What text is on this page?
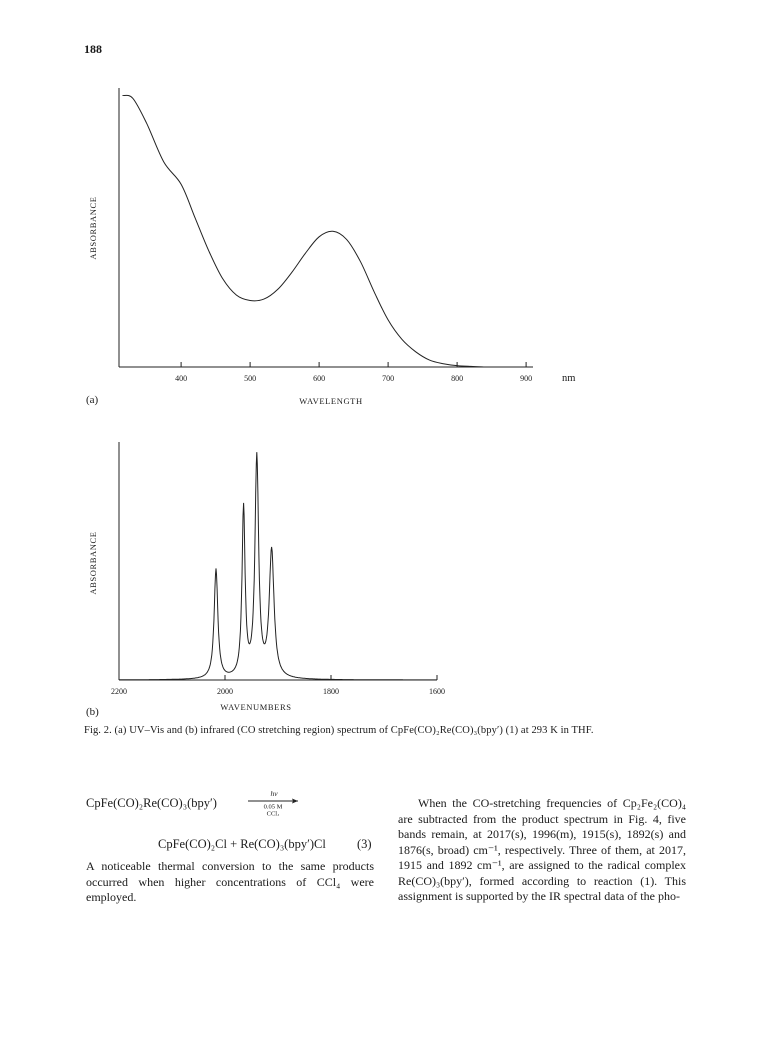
188
ABSORBANCE
400	500	600	700	800	900	nm
(a)	WAVELENGTH
ABSORBANCE
2200	2000	1800	1600
(b)	WAVENUMBERS
Fig. 2. (a) UV–Vis and (b) infrared (CO stretching region) spectrum of CpFe(CO)₂Re(CO)₃(bpy′) (1) at 293 K in THF.
CpFe(CO)₂Re(CO)₃(bpy′)
hν
0.05 M
CCl₄
CpFe(CO)₂Cl + Re(CO)₃(bpy′)Cl (3)
A noticeable thermal conversion to the same products occurred when higher concentrations of CCl₄ were employed.
When the CO-stretching frequencies of Cp₂Fe₂(CO)₄ are subtracted from the product spectrum in Fig. 4, five bands remain, at 2017(s), 1996(m), 1915(s), 1892(s) and 1876(s, broad) cm⁻¹, respectively. Three of them, at 2017, 1915 and 1892 cm⁻¹, are assigned to the radical complex Re(CO)₃(bpy′), formed according to reaction (1). This assignment is supported by the IR spectral data of the pho-
